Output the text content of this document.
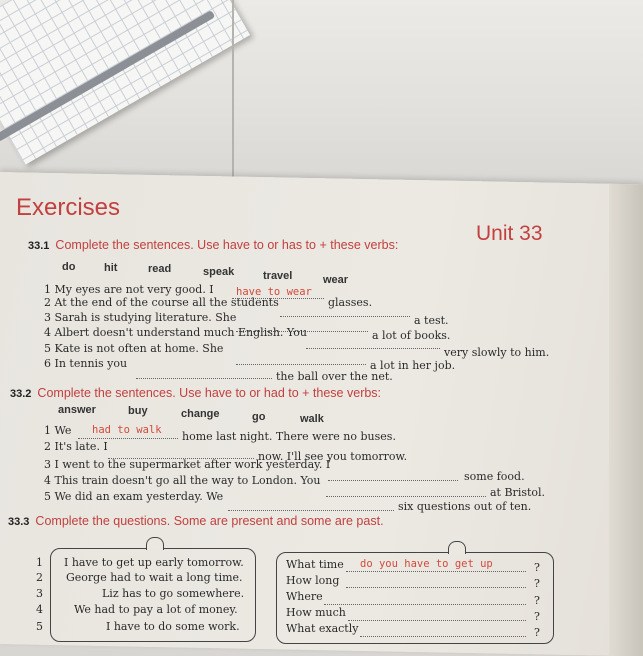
Exercises
Unit 33
33.1 Complete the sentences. Use have to or has to + these verbs:
do	hit	read	speak	travel	wear
1 My eyes are not very good. I have to wear
glasses.
2 At the end of the course all the students
a test.
3 Sarah is studying literature. She
a lot of books.
4 Albert doesn't understand much English. You
very slowly to him.
5 Kate is not often at home. She
a lot in her job.
6 In tennis you
the ball over the net.
33.2 Complete the sentences. Use have to or had to + these verbs:
answer	buy	change	go	walk
1 We had to walk home last night. There were no buses.
2 It's late. I
now. I'll see you tomorrow.
3 I went to the supermarket after work yesterday. I
some food.
4 This train doesn't go all the way to London. You
at Bristol.
5 We did an exam yesterday. We
six questions out of ten.
33.3 Complete the questions. Some are present and some are past.
1 I have to get up early tomorrow.	What time do you have to get up	?
2 George had to wait a long time.	How long	?
3	Liz has to go somewhere.	Where	?
4	We had to pay a lot of money.	How much	?
5	I have to do some work.	What exactly	?
